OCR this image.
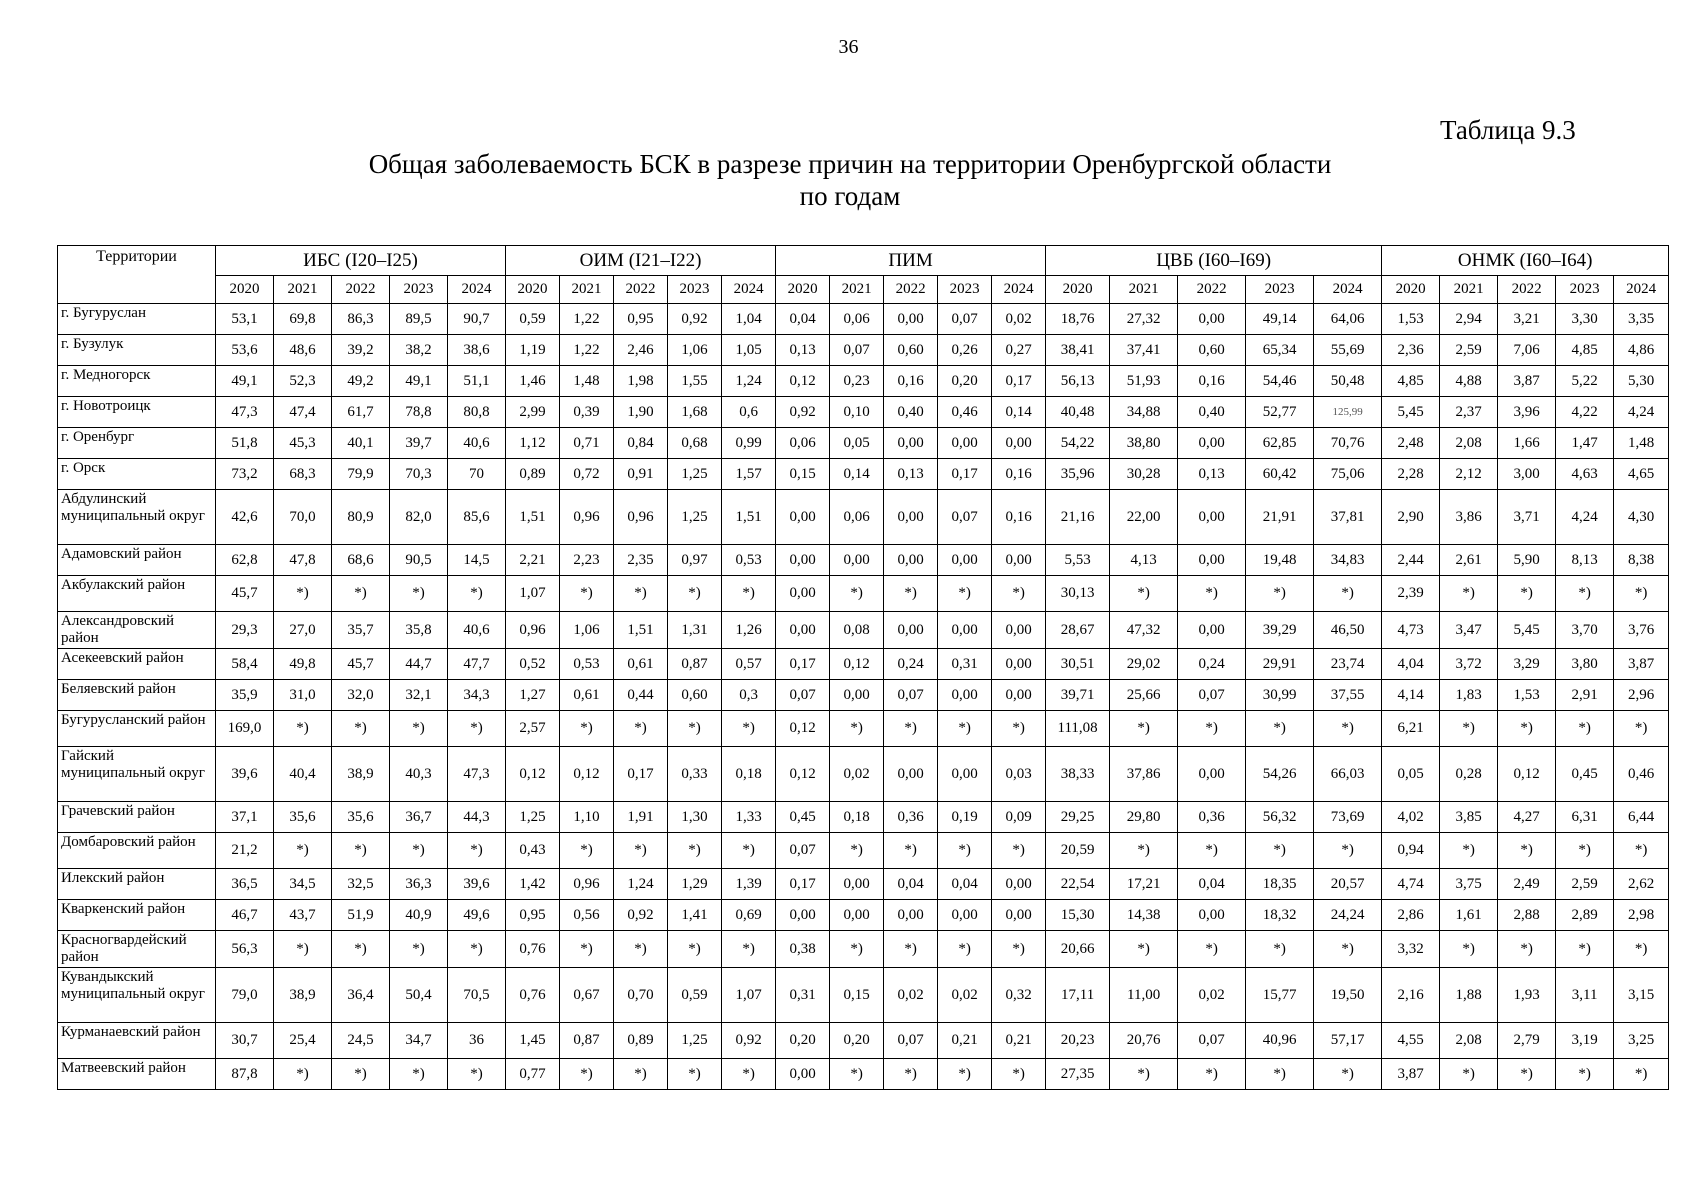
36
Таблица 9.3
Общая заболеваемость БСК в разрезе причин на территории Оренбургской области
по годам
Территории	ИБС (I20–I25)					ОИМ (I21–I22)					ПИМ					ЦВБ (I60–I69)					ОНМК (I60–I64)				
	2020	2021	2022	2023	2024	2020	2021	2022	2023	2024	2020	2021	2022	2023	2024	2020	2021	2022	2023	2024	2020	2021	2022	2023	2024
г. Бугуруслан	53,1	69,8	86,3	89,5	90,7	0,59	1,22	0,95	0,92	1,04	0,04	0,06	0,00	0,07	0,02	18,76	27,32	0,00	49,14	64,06	1,53	2,94	3,21	3,30	3,35
г. Бузулук	53,6	48,6	39,2	38,2	38,6	1,19	1,22	2,46	1,06	1,05	0,13	0,07	0,60	0,26	0,27	38,41	37,41	0,60	65,34	55,69	2,36	2,59	7,06	4,85	4,86
г. Медногорск	49,1	52,3	49,2	49,1	51,1	1,46	1,48	1,98	1,55	1,24	0,12	0,23	0,16	0,20	0,17	56,13	51,93	0,16	54,46	50,48	4,85	4,88	3,87	5,22	5,30
г. Новотроицк	47,3	47,4	61,7	78,8	80,8	2,99	0,39	1,90	1,68	0,6	0,92	0,10	0,40	0,46	0,14	40,48	34,88	0,40	52,77	125,99	5,45	2,37	3,96	4,22	4,24
г. Оренбург	51,8	45,3	40,1	39,7	40,6	1,12	0,71	0,84	0,68	0,99	0,06	0,05	0,00	0,00	0,00	54,22	38,80	0,00	62,85	70,76	2,48	2,08	1,66	1,47	1,48
г. Орск	73,2	68,3	79,9	70,3	70	0,89	0,72	0,91	1,25	1,57	0,15	0,14	0,13	0,17	0,16	35,96	30,28	0,13	60,42	75,06	2,28	2,12	3,00	4,63	4,65
Абдулинский муниципальный округ	42,6	70,0	80,9	82,0	85,6	1,51	0,96	0,96	1,25	1,51	0,00	0,06	0,00	0,07	0,16	21,16	22,00	0,00	21,91	37,81	2,90	3,86	3,71	4,24	4,30
Адамовский район	62,8	47,8	68,6	90,5	14,5	2,21	2,23	2,35	0,97	0,53	0,00	0,00	0,00	0,00	0,00	5,53	4,13	0,00	19,48	34,83	2,44	2,61	5,90	8,13	8,38
Акбулакский район	45,7	*)	*)	*)	*)	1,07	*)	*)	*)	*)	0,00	*)	*)	*)	*)	30,13	*)	*)	*)	*)	2,39	*)	*)	*)	*)
Александровский район	29,3	27,0	35,7	35,8	40,6	0,96	1,06	1,51	1,31	1,26	0,00	0,08	0,00	0,00	0,00	28,67	47,32	0,00	39,29	46,50	4,73	3,47	5,45	3,70	3,76
Асекеевский район	58,4	49,8	45,7	44,7	47,7	0,52	0,53	0,61	0,87	0,57	0,17	0,12	0,24	0,31	0,00	30,51	29,02	0,24	29,91	23,74	4,04	3,72	3,29	3,80	3,87
Беляевский район	35,9	31,0	32,0	32,1	34,3	1,27	0,61	0,44	0,60	0,3	0,07	0,00	0,07	0,00	0,00	39,71	25,66	0,07	30,99	37,55	4,14	1,83	1,53	2,91	2,96
Бугурусланский район	169,0	*)	*)	*)	*)	2,57	*)	*)	*)	*)	0,12	*)	*)	*)	*)	111,08	*)	*)	*)	*)	6,21	*)	*)	*)	*)
Гайский муниципальный округ	39,6	40,4	38,9	40,3	47,3	0,12	0,12	0,17	0,33	0,18	0,12	0,02	0,00	0,00	0,03	38,33	37,86	0,00	54,26	66,03	0,05	0,28	0,12	0,45	0,46
Грачевский район	37,1	35,6	35,6	36,7	44,3	1,25	1,10	1,91	1,30	1,33	0,45	0,18	0,36	0,19	0,09	29,25	29,80	0,36	56,32	73,69	4,02	3,85	4,27	6,31	6,44
Домбаровский район	21,2	*)	*)	*)	*)	0,43	*)	*)	*)	*)	0,07	*)	*)	*)	*)	20,59	*)	*)	*)	*)	0,94	*)	*)	*)	*)
Илекский район	36,5	34,5	32,5	36,3	39,6	1,42	0,96	1,24	1,29	1,39	0,17	0,00	0,04	0,04	0,00	22,54	17,21	0,04	18,35	20,57	4,74	3,75	2,49	2,59	2,62
Кваркенский район	46,7	43,7	51,9	40,9	49,6	0,95	0,56	0,92	1,41	0,69	0,00	0,00	0,00	0,00	0,00	15,30	14,38	0,00	18,32	24,24	2,86	1,61	2,88	2,89	2,98
Красногвардейский район	56,3	*)	*)	*)	*)	0,76	*)	*)	*)	*)	0,38	*)	*)	*)	*)	20,66	*)	*)	*)	*)	3,32	*)	*)	*)	*)
Кувандыкский муниципальный округ	79,0	38,9	36,4	50,4	70,5	0,76	0,67	0,70	0,59	1,07	0,31	0,15	0,02	0,02	0,32	17,11	11,00	0,02	15,77	19,50	2,16	1,88	1,93	3,11	3,15
Курманаевский район	30,7	25,4	24,5	34,7	36	1,45	0,87	0,89	1,25	0,92	0,20	0,20	0,07	0,21	0,21	20,23	20,76	0,07	40,96	57,17	4,55	2,08	2,79	3,19	3,25
Матвеевский район	87,8	*)	*)	*)	*)	0,77	*)	*)	*)	*)	0,00	*)	*)	*)	*)	27,35	*)	*)	*)	*)	3,87	*)	*)	*)	*)
